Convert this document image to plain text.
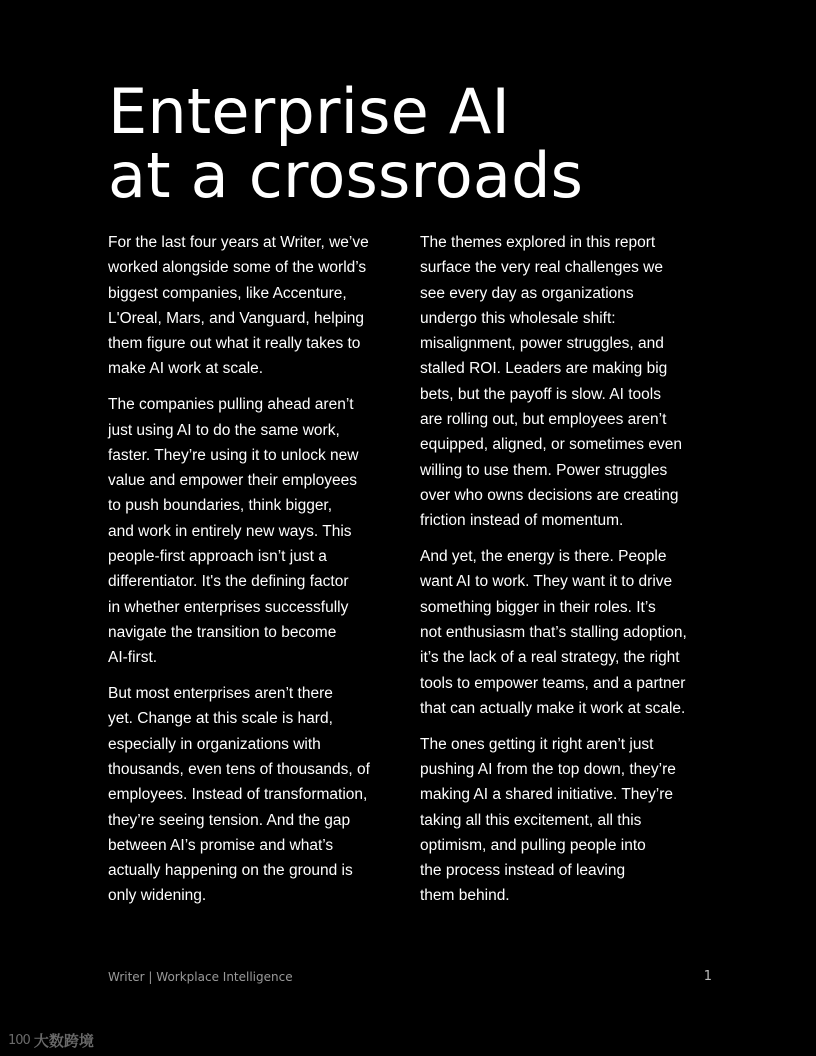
Enterprise AI
at a crossroads

For the last four years at Writer, we’ve
worked alongside some of the world’s
biggest companies, like Accenture,
L'Oreal, Mars, and Vanguard, helping
them figure out what it really takes to
make AI work at scale.

The companies pulling ahead aren’t
just using AI to do the same work,
faster. They’re using it to unlock new
value and empower their employees
to push boundaries, think bigger,
and work in entirely new ways. This
people-first approach isn’t just a
differentiator. It's the defining factor
in whether enterprises successfully
navigate the transition to become
AI-first.

But most enterprises aren’t there
yet. Change at this scale is hard,
especially in organizations with
thousands, even tens of thousands, of
employees. Instead of transformation,
they’re seeing tension. And the gap
between AI’s promise and what’s
actually happening on the ground is
only widening.

The themes explored in this report
surface the very real challenges we
see every day as organizations
undergo this wholesale shift:
misalignment, power struggles, and
stalled ROI. Leaders are making big
bets, but the payoff is slow. AI tools
are rolling out, but employees aren’t
equipped, aligned, or sometimes even
willing to use them. Power struggles
over who owns decisions are creating
friction instead of momentum.

And yet, the energy is there. People
want AI to work. They want it to drive
something bigger in their roles. It’s
not enthusiasm that’s stalling adoption,
it’s the lack of a real strategy, the right
tools to empower teams, and a partner
that can actually make it work at scale.

The ones getting it right aren’t just
pushing AI from the top down, they’re
making AI a shared initiative. They’re
taking all this excitement, all this
optimism, and pulling people into
the process instead of leaving
them behind.

Writer | Workplace Intelligence	1
100 大数跨境
